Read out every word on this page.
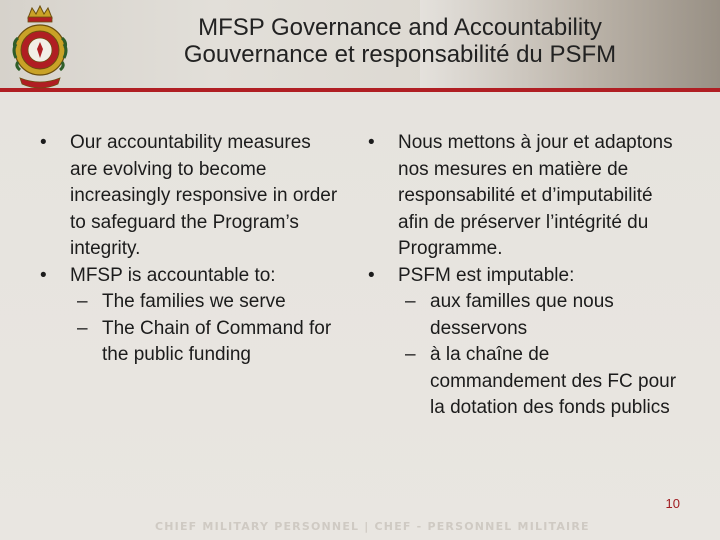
MFSP Governance and Accountability
Gouvernance et responsabilité du PSFM
•	Our accountability measures are evolving to become increasingly responsive in order to safeguard the Program’s integrity.
•	MFSP is accountable to:
– The families we serve
– The Chain of Command for the public funding
•	Nous mettons à jour et adaptons nos mesures en matière de responsabilité et d’imputabilité afin de préserver l’intégrité du Programme.
•	PSFM est imputable:
– aux familles que nous desservons
– à la chaîne de commandement des FC pour la dotation des fonds publics
10
CHIEF MILITARY PERSONNEL | CHEF - PERSONNEL MILITAIRE
